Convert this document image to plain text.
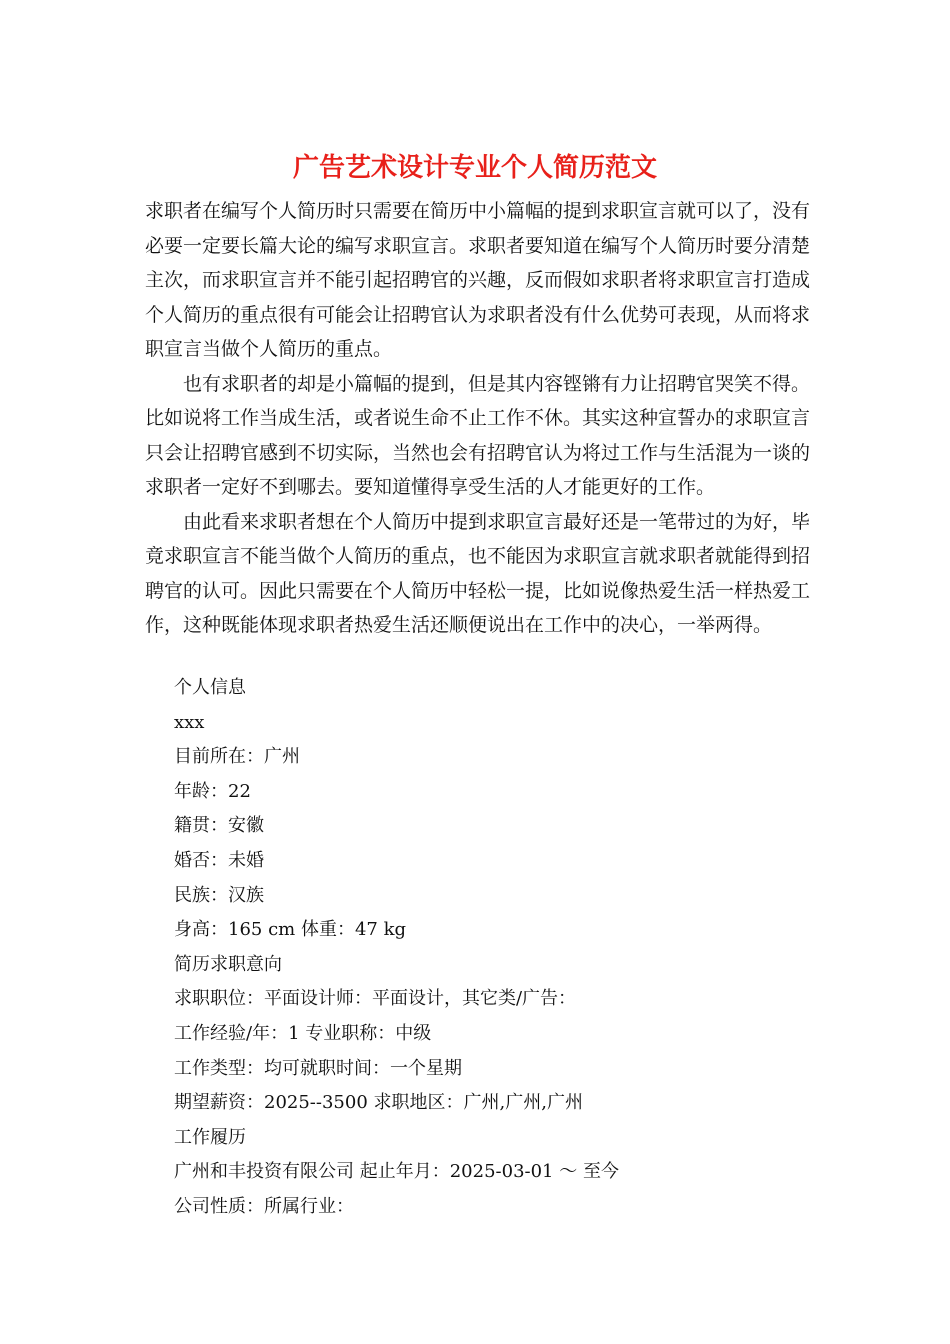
广告艺术设计专业个人简历范文

求职者在编写个人简历时只需要在简历中小篇幅的提到求职宣言就可以了，没有必要一定要长篇大论的编写求职宣言。求职者要知道在编写个人简历时要分清楚主次，而求职宣言并不能引起招聘官的兴趣，反而假如求职者将求职宣言打造成个人简历的重点很有可能会让招聘官认为求职者没有什么优势可表现，从而将求职宣言当做个人简历的重点。

也有求职者的却是小篇幅的提到，但是其内容铿锵有力让招聘官哭笑不得。比如说将工作当成生活，或者说生命不止工作不休。其实这种宣誓办的求职宣言只会让招聘官感到不切实际，当然也会有招聘官认为将过工作与生活混为一谈的求职者一定好不到哪去。要知道懂得享受生活的人才能更好的工作。

由此看来求职者想在个人简历中提到求职宣言最好还是一笔带过的为好，毕竟求职宣言不能当做个人简历的重点，也不能因为求职宣言就求职者就能得到招聘官的认可。因此只需要在个人简历中轻松一提，比如说像热爱生活一样热爱工作，这种既能体现求职者热爱生活还顺便说出在工作中的决心，一举两得。

个人信息

xxx

目前所在：广州

年龄：22

籍贯：安徽

婚否：未婚

民族：汉族

身高：165 cm 体重：47 kg

简历求职意向

求职职位：平面设计师：平面设计，其它类/广告：

工作经验/年：1 专业职称：中级

工作类型：均可就职时间：一个星期

期望薪资：2025--3500 求职地区：广州,广州,广州

工作履历

广州和丰投资有限公司 起止年月：2025-03-01 ～ 至今

公司性质：所属行业：
